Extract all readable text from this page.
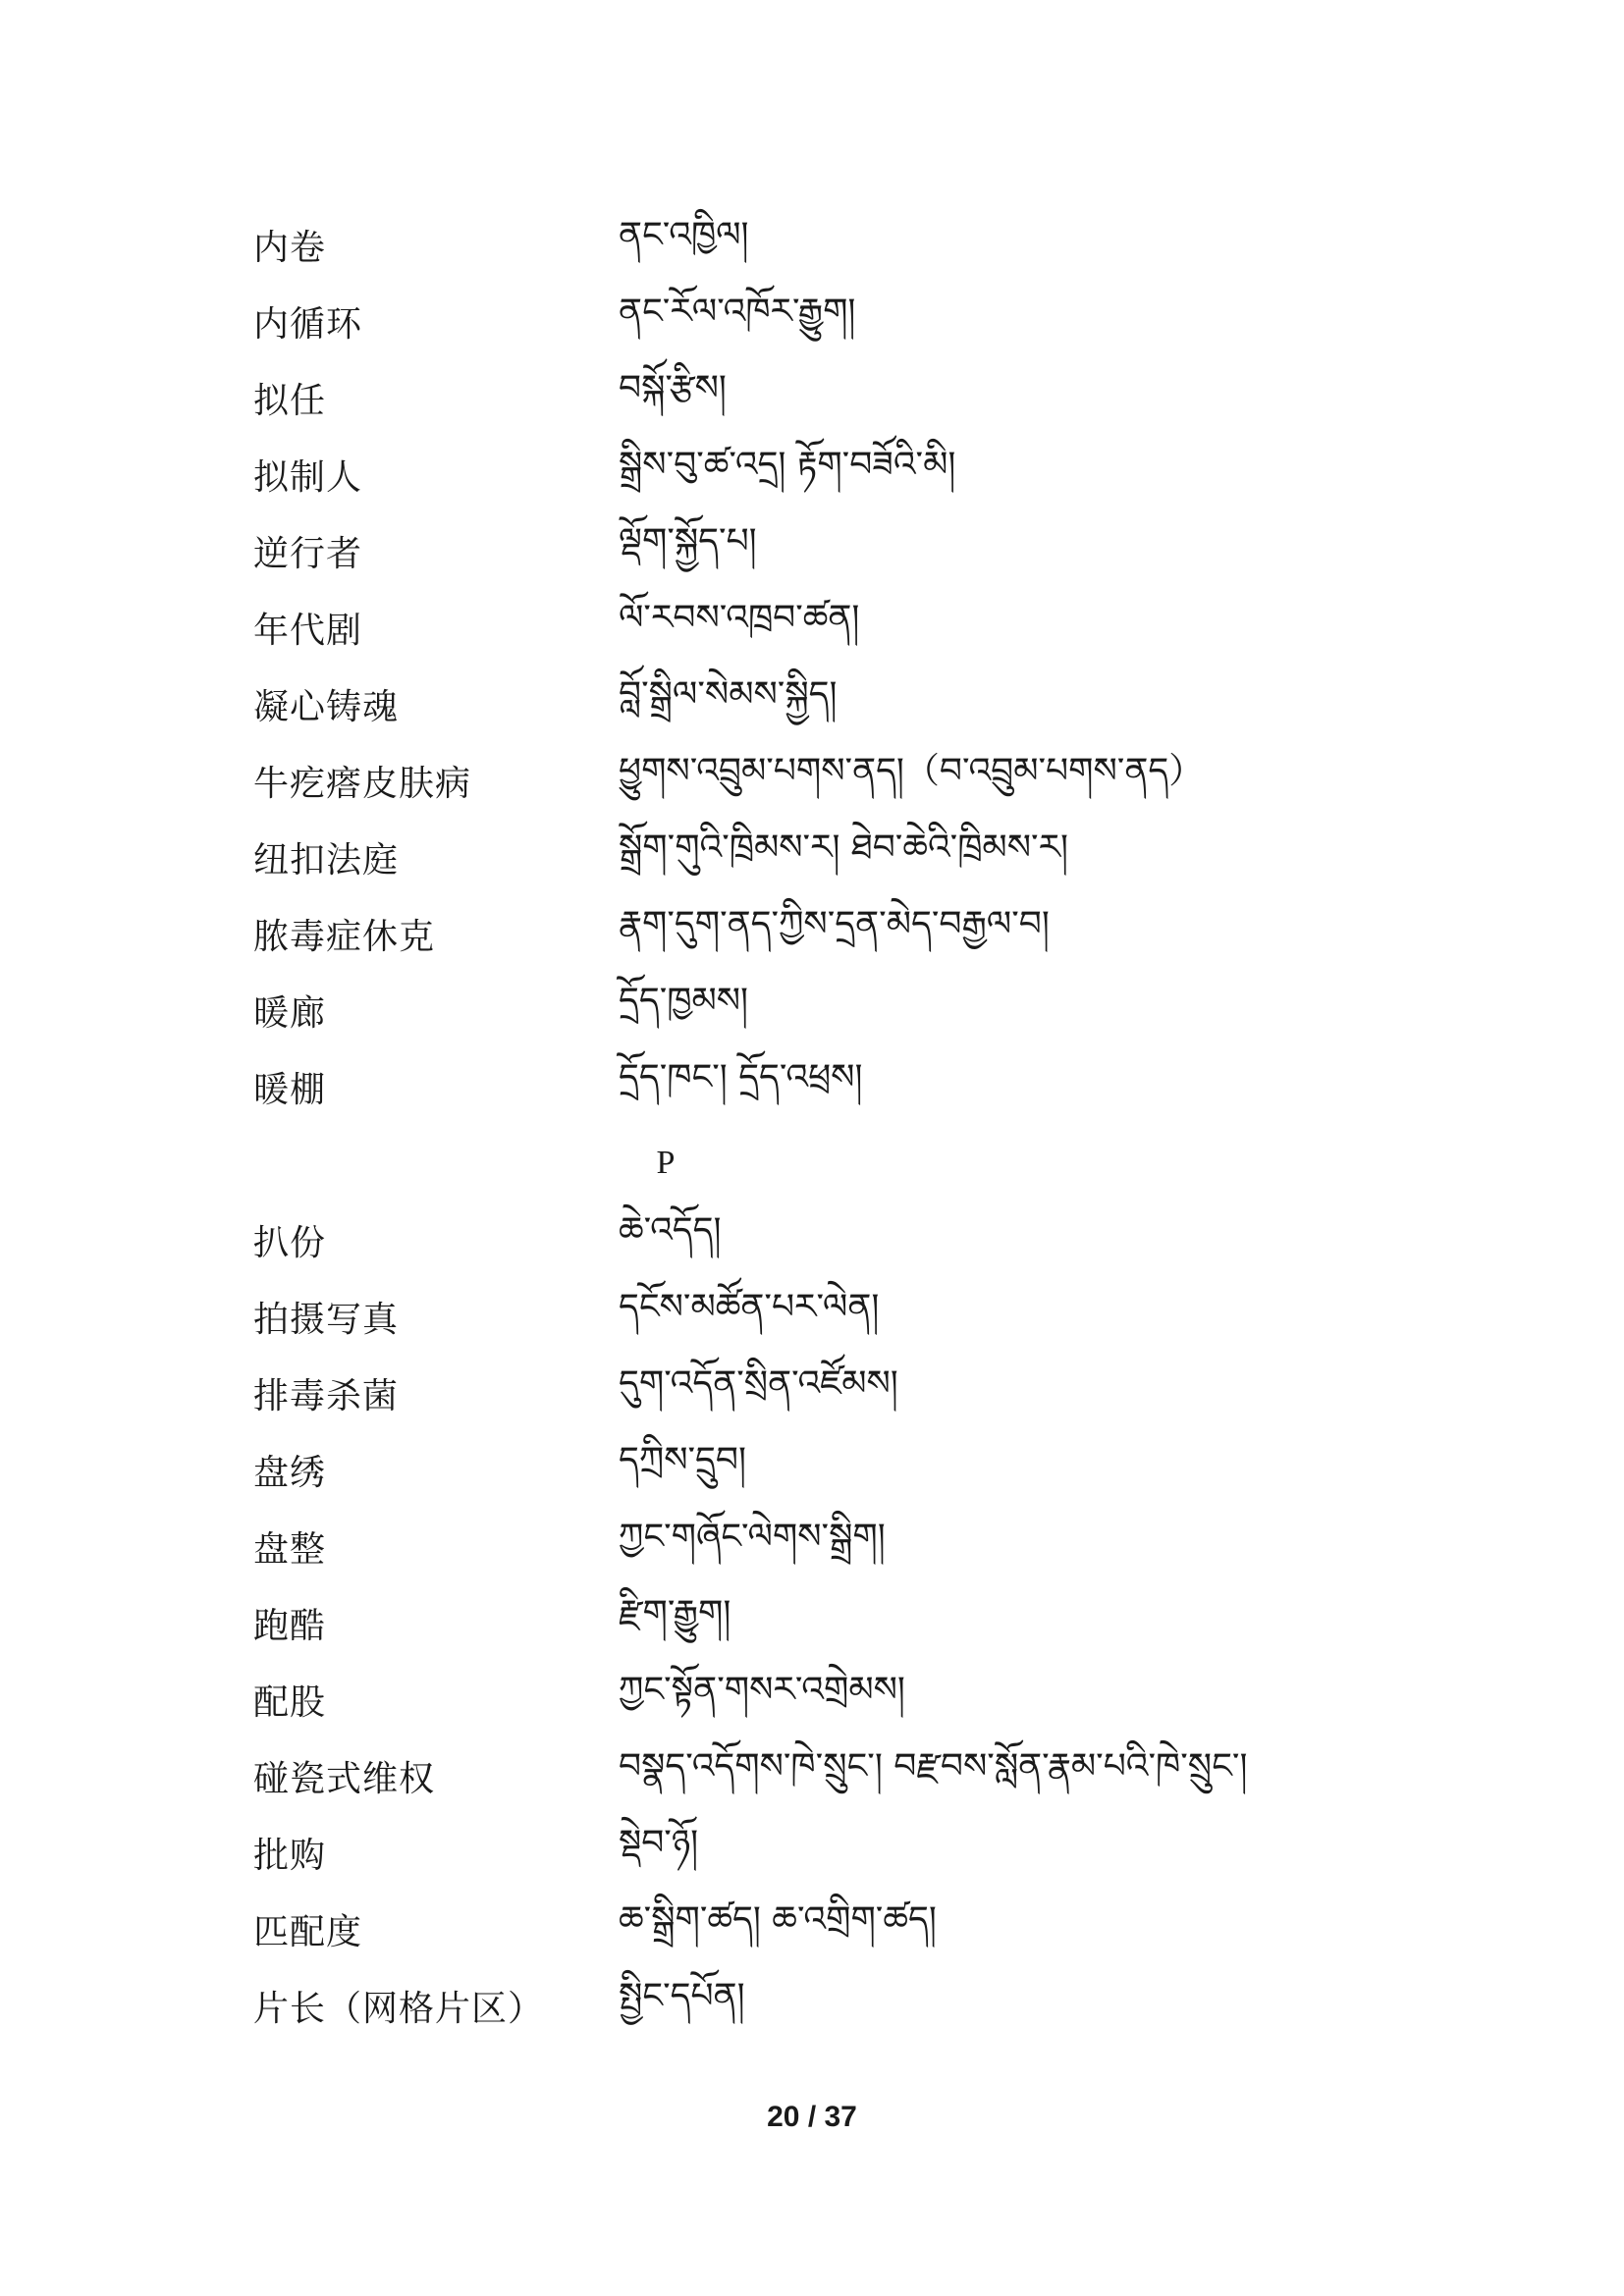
内卷	ནང་འཁྱིལ།
内循环	ནང་རོལ་འཁོར་རྒྱུག།
拟任	བསྐོ་རྩིས།
拟制人	སྒྲིས་བུ་ཚ་འདྲ། རྟོག་བཟོའི་མི།
逆行者	ལྡོག་སྐྱོད་པ།
年代剧	ལོ་རབས་འཁྲབ་ཚན།
凝心铸魂	བློ་སྒྲིལ་སེམས་སྐྱིད།
牛疙瘩皮肤病	ཕྱུགས་འབྲུམ་པགས་ནད།（བ་འབྲུམ་པགས་ནད）
纽扣法庭	སྒྲོག་གུའི་ཁྲིམས་ར། ཐེབ་ཆེའི་ཁྲིམས་ར།
脓毒症休克	རྣག་དུག་ནད་ཀྱིས་དྲན་མེད་བརྒྱལ་བ།
暖廊	དྲོད་ཁྱམས།
暖棚	དྲོད་ཁང་། དྲོད་འཕྲས།
P
扒份	ཆེ་འདོད།
拍摄写真	དངོས་མཚོན་པར་ལེན།
排毒杀菌	དུག་འདོན་སྲིན་འཛོམས།
盘绣	དཀྲིས་དྲུབ།
盘整	ཀྱང་གཞོང་ལེགས་སྒྲིག།
跑酷	རྫིག་རྒྱུག།
配股	ཀྱང་སྟོན་གསར་འགྲེམས།
碰瓷式维权	བསྣད་འདོགས་ཁེ་སྲུང་། བརྫབས་སློན་རྣམ་པའི་ཁེ་སྲུང་།
批购	སྡེབ་ཉོ།
匹配度	ཆ་སྒྲིག་ཚད། ཆ་འགྲིག་ཚད།
片长（网格片区）	སྤྱིང་དཔོན།
20 / 37
